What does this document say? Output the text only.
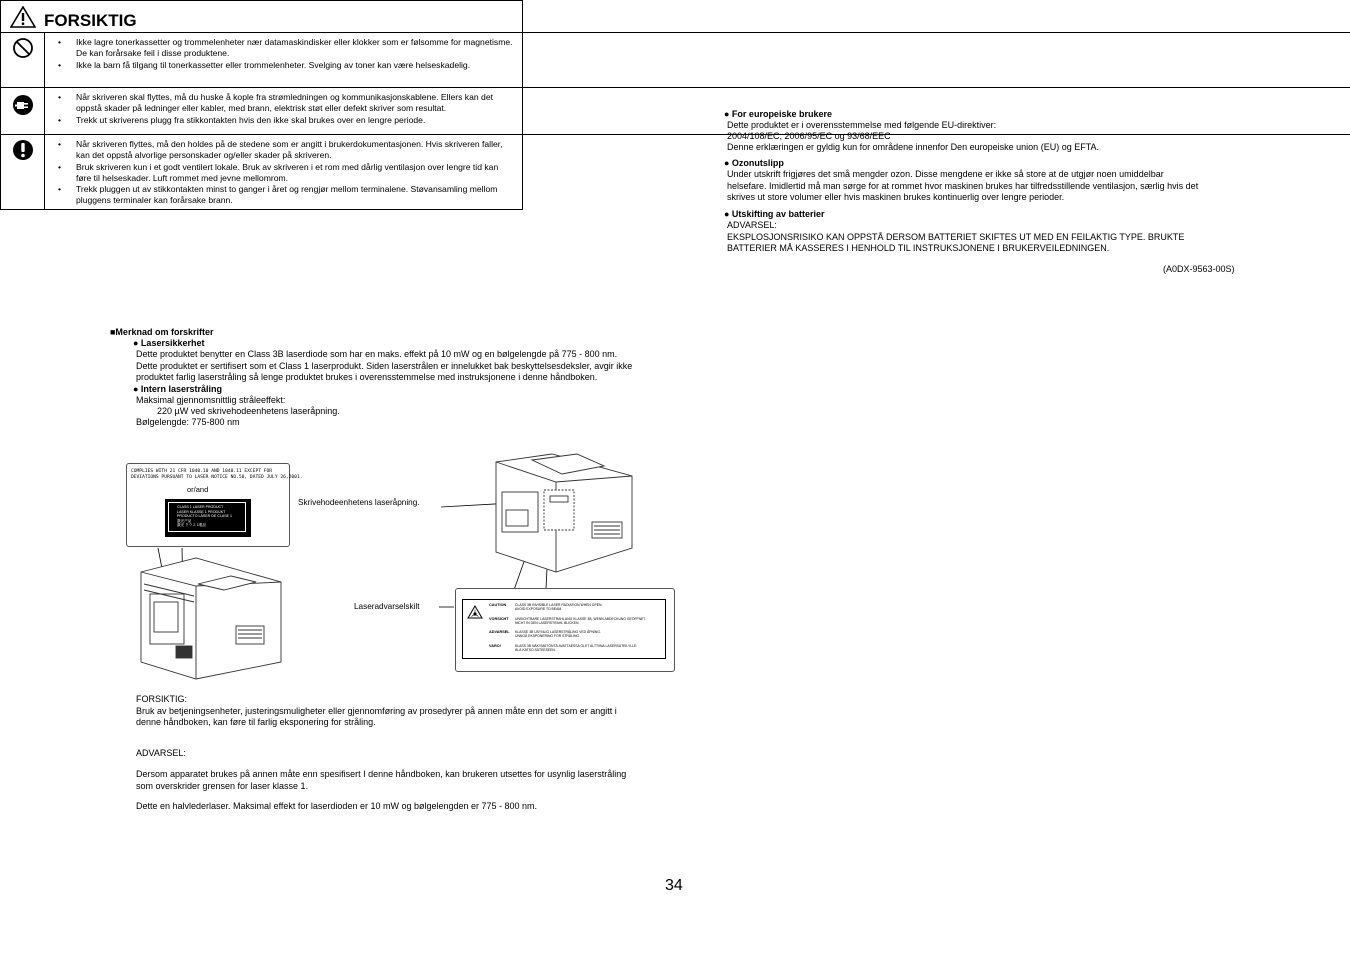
FORSIKTIG
• Ikke lagre tonerkassetter og trommelenheter nær datamaskindisker eller klokker som er følsomme for magnetisme. De kan forårsake feil i disse produktene.
• Ikke la barn få tilgang til tonerkassetter eller trommelenheter. Svelging av toner kan være helseskadelig.
• Når skriveren skal flyttes, må du huske å kople fra strømledningen og kommunikasjonskablene. Ellers kan det oppstå skader på ledninger eller kabler, med brann, elektrisk støt eller defekt skriver som resultat.
• Trekk ut skriverens plugg fra stikkontakten hvis den ikke skal brukes over en lengre periode.
• Når skriveren flyttes, må den holdes på de stedene som er angitt i brukerdokumentasjonen. Hvis skriveren faller, kan det oppstå alvorlige personskader og/eller skader på skriveren.
• Bruk skriveren kun i et godt ventilert lokale. Bruk av skriveren i et rom med dårlig ventilasjon over lengre tid kan føre til helseskader. Luft rommet med jevne mellomrom.
• Trekk pluggen ut av stikkontakten minst to ganger i året og rengjør mellom terminalene. Støvansamling mellom pluggens terminaler kan forårsake brann.
■Merknad om forskrifter
● Lasersikkerhet
Dette produktet benytter en Class 3B laserdiode som har en maks. effekt på 10 mW og en bølgelengde på 775 - 800 nm.
Dette produktet er sertifisert som et Class 1 laserprodukt. Siden laserstrålen er innelukket bak beskyttelsesdeksler, avgir ikke
produktet farlig laserstråling så lenge produktet brukes i overensstemmelse med instruksjonene i denne håndboken.
● Intern laserstråling
Maksimal gjennomsnittlig stråleeffekt:
220 µW ved skrivehodeenhetens laseråpning.
Bølgelengde: 775-800 nm
COMPLIES WITH 21 CFR 1040.10 AND 1040.11 EXCEPT FOR
DEVIATIONS PURSUANT TO LASER NOTICE NO.50, DATED JULY 26,2001.
or/and
CLASS 1 LASER PRODUCT
LASER KLASSE 1 PRODUKT
PRODUCTO LÁSER DE CLASE 1
激光产品
激光 クラス 1製品
Skrivehodeenhetens laseråpning.
Laseradvarselskilt	CAUTION	CLASS 3B INVISIBLE LASER RADIATION WHEN OPEN.
AVOID EXPOSURE TO BEAM.
VORSICHT UNSICHTBARE LASERSTRAHLUNG KLASSE 3B, WENN ABDECKUNG GEÖFFNET.
NICHT IN DEN LASERSTRAHL BLICKEN.
ADVARSEL KLASSE 3B USYNLIG LASERSTRÅLING VED ÅPNING.
UNNGÅ EKSPONERING FOR STRÅLING.
VARO!	KLASS 3B NÄKYMÄTÖNTÄ AVATTAESSA OLET ALTTIINA LASERSÄTEILYLLE.
ÄLÄ KATSO SÄTEESEEN.
FORSIKTIG:
Bruk av betjeningsenheter, justeringsmuligheter eller gjennomføring av prosedyrer på annen måte enn det som er angitt i
denne håndboken, kan føre til farlig eksponering for stråling.
ADVARSEL:
Dersom apparatet brukes på annen måte enn spesifisert I denne håndboken, kan brukeren utsettes for usynlig laserstråling
som overskrider grensen for laser klasse 1.
Dette en halvlederlaser. Maksimal effekt for laserdioden er 10 mW og bølgelengden er 775 - 800 nm.
● For europeiske brukere
Dette produktet er i overensstemmelse med følgende EU-direktiver:
2004/108/EC, 2006/95/EC og 93/68/EEC
Denne erklæringen er gyldig kun for områdene innenfor Den europeiske union (EU) og EFTA.
● Ozonutslipp
Under utskrift frigjøres det små mengder ozon. Disse mengdene er ikke så store at de utgjør noen umiddelbar
helsefare. Imidlertid må man sørge for at rommet hvor maskinen brukes har tilfredsstillende ventilasjon, særlig hvis det
skrives ut store volumer eller hvis maskinen brukes kontinuerlig over lengre perioder.
● Utskifting av batterier
ADVARSEL:
EKSPLOSJONSRISIKO KAN OPPSTÅ DERSOM BATTERIET SKIFTES UT MED EN FEILAKTIG TYPE. BRUKTE
BATTERIER MÅ KASSERES I HENHOLD TIL INSTRUKSJONENE I BRUKERVEILEDNINGEN.
(A0DX-9563-00S)
34
